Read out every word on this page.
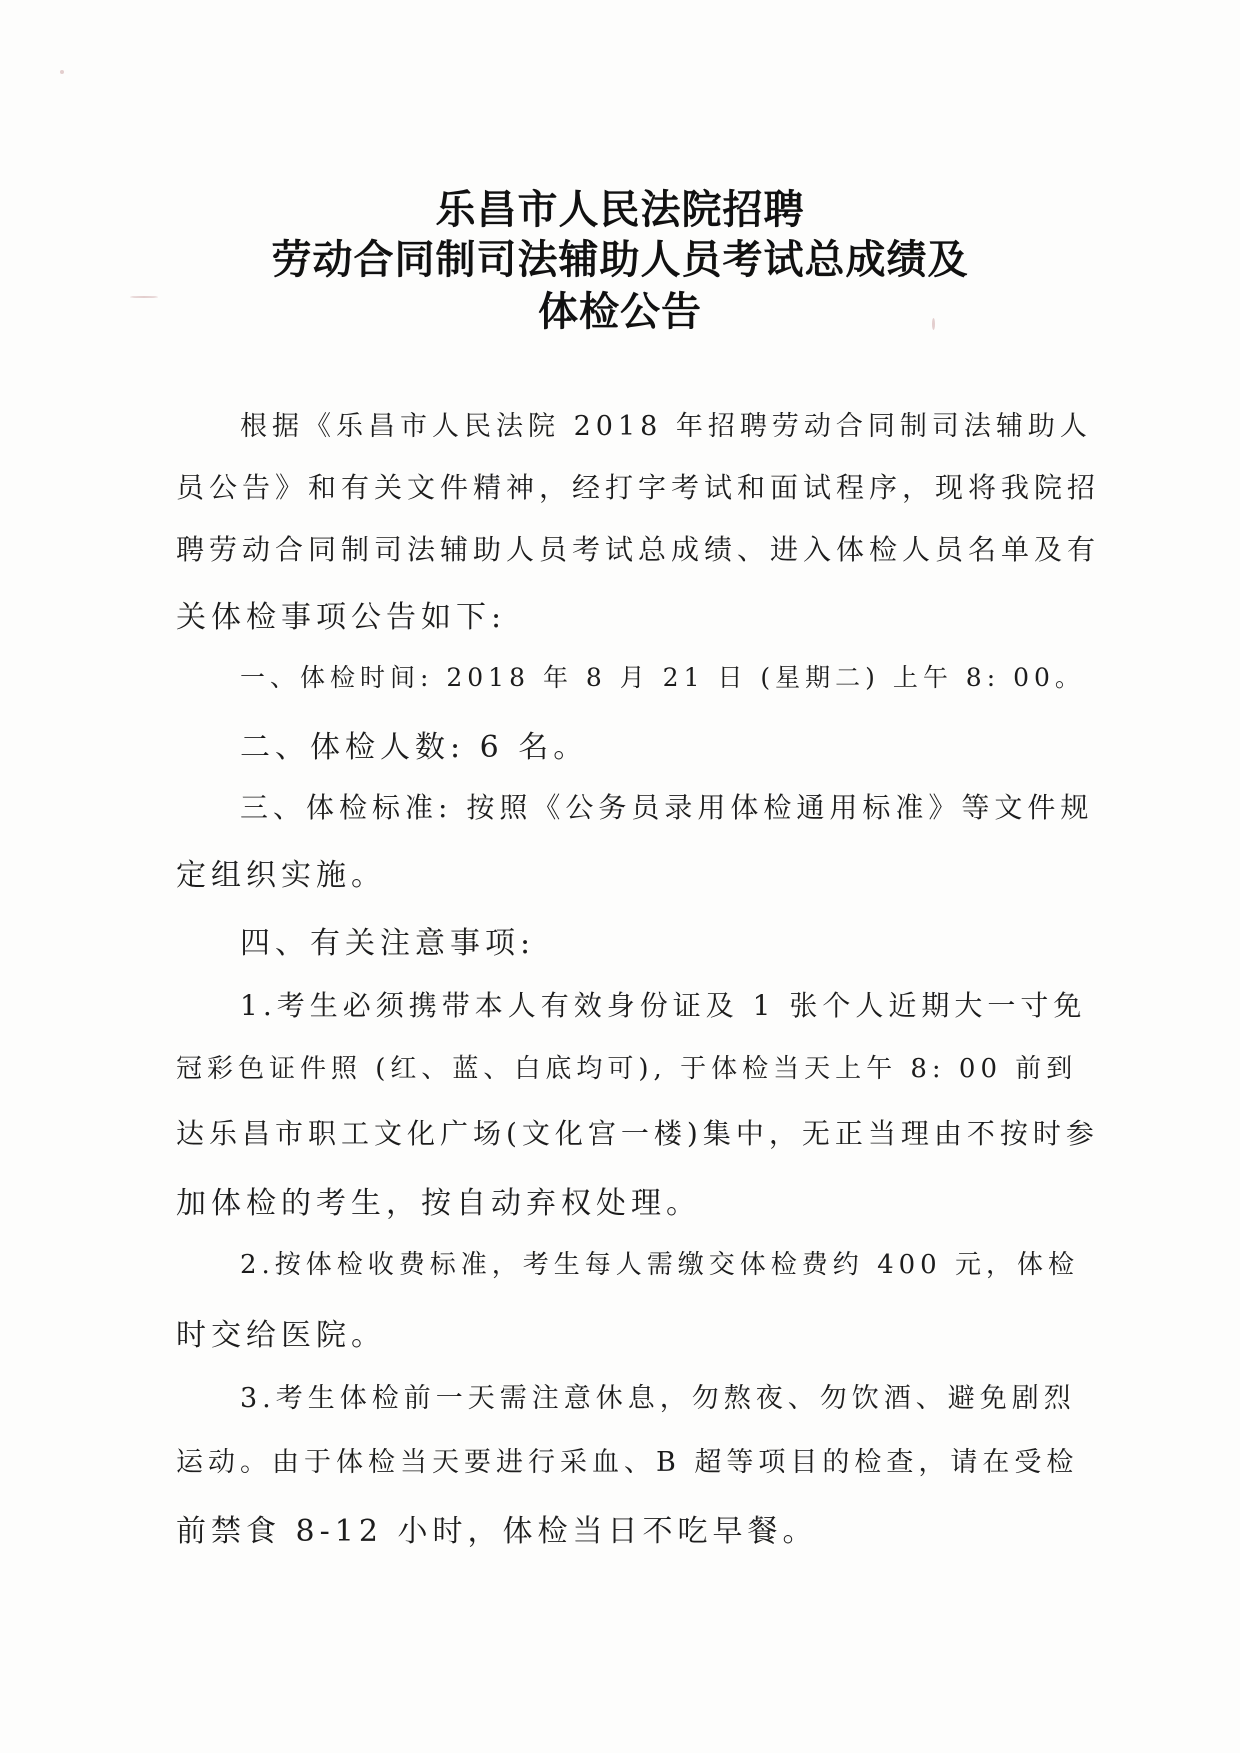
乐昌市人民法院招聘
劳动合同制司法辅助人员考试总成绩及
体检公告
根据《乐昌市人民法院 2018 年招聘劳动合同制司法辅助人
员公告》和有关文件精神，经打字考试和面试程序，现将我院招
聘劳动合同制司法辅助人员考试总成绩、进入体检人员名单及有
关体检事项公告如下:
一、体检时间: 2018 年 8 月 21 日 (星期二) 上午 8: 00。
二、体检人数: 6 名。
三、体检标准: 按照《公务员录用体检通用标准》等文件规
定组织实施。
四、有关注意事项:
1.考生必须携带本人有效身份证及 1 张个人近期大一寸免
冠彩色证件照 (红、蓝、白底均可), 于体检当天上午 8: 00 前到
达乐昌市职工文化广场(文化宫一楼)集中，无正当理由不按时参
加体检的考生，按自动弃权处理。
2.按体检收费标准，考生每人需缴交体检费约 400 元，体检
时交给医院。
3.考生体检前一天需注意休息，勿熬夜、勿饮酒、避免剧烈
运动。由于体检当天要进行采血、B 超等项目的检查，请在受检
前禁食 8-12 小时，体检当日不吃早餐。
